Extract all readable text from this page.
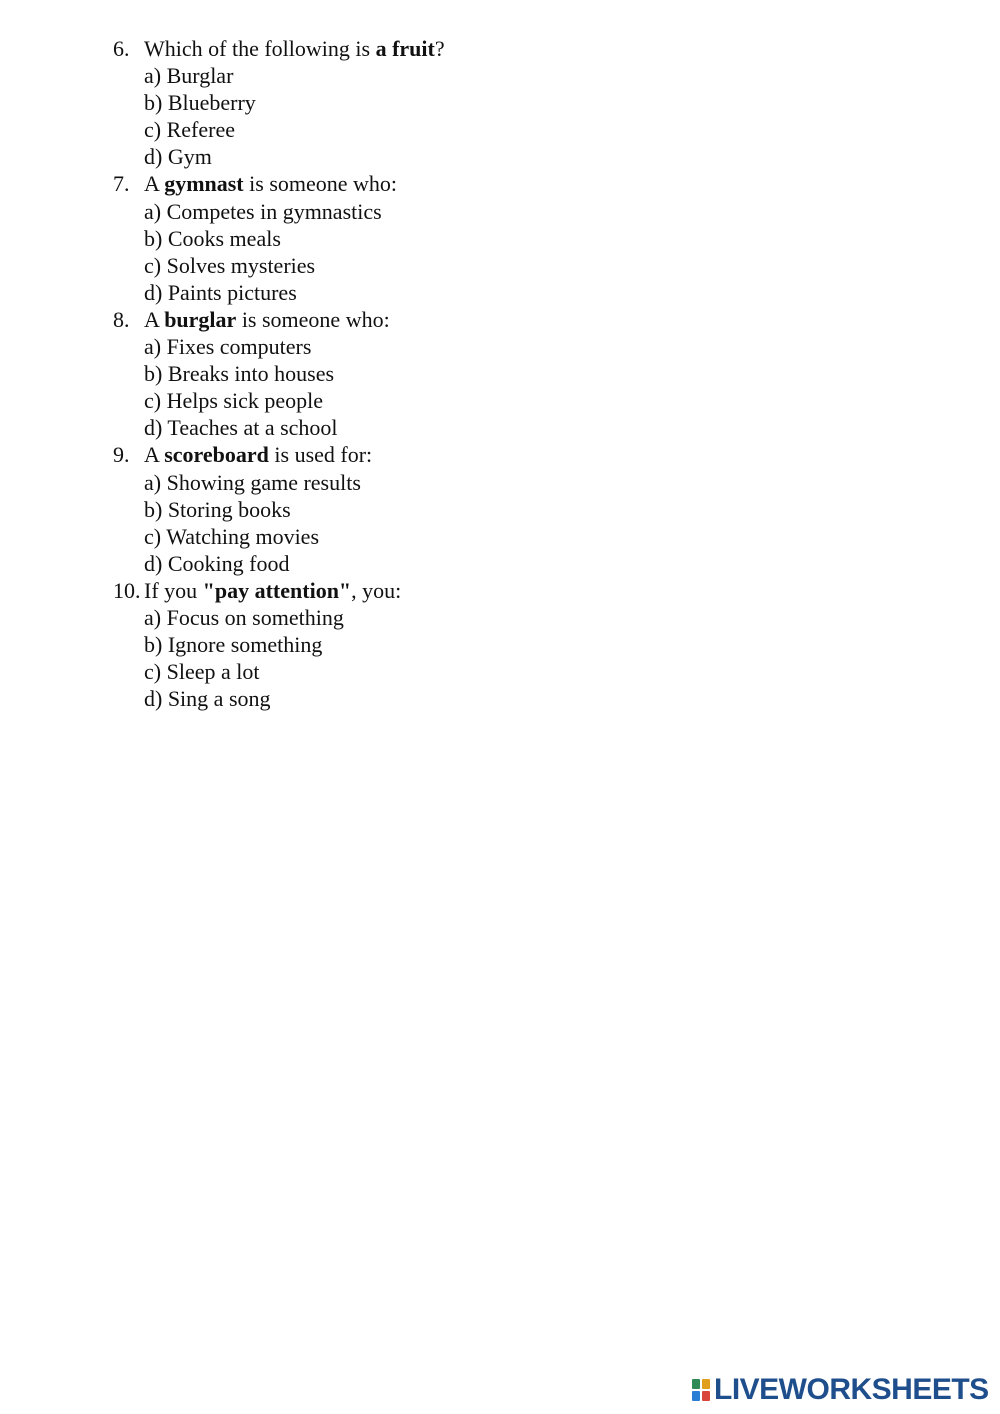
6. Which of the following is a fruit?
a) Burglar
b) Blueberry
c) Referee
d) Gym
7. A gymnast is someone who:
a) Competes in gymnastics
b) Cooks meals
c) Solves mysteries
d) Paints pictures
8. A burglar is someone who:
a) Fixes computers
b) Breaks into houses
c) Helps sick people
d) Teaches at a school
9. A scoreboard is used for:
a) Showing game results
b) Storing books
c) Watching movies
d) Cooking food
10. If you "pay attention", you:
a) Focus on something
b) Ignore something
c) Sleep a lot
d) Sing a song
LIVEWORKSHEETS
